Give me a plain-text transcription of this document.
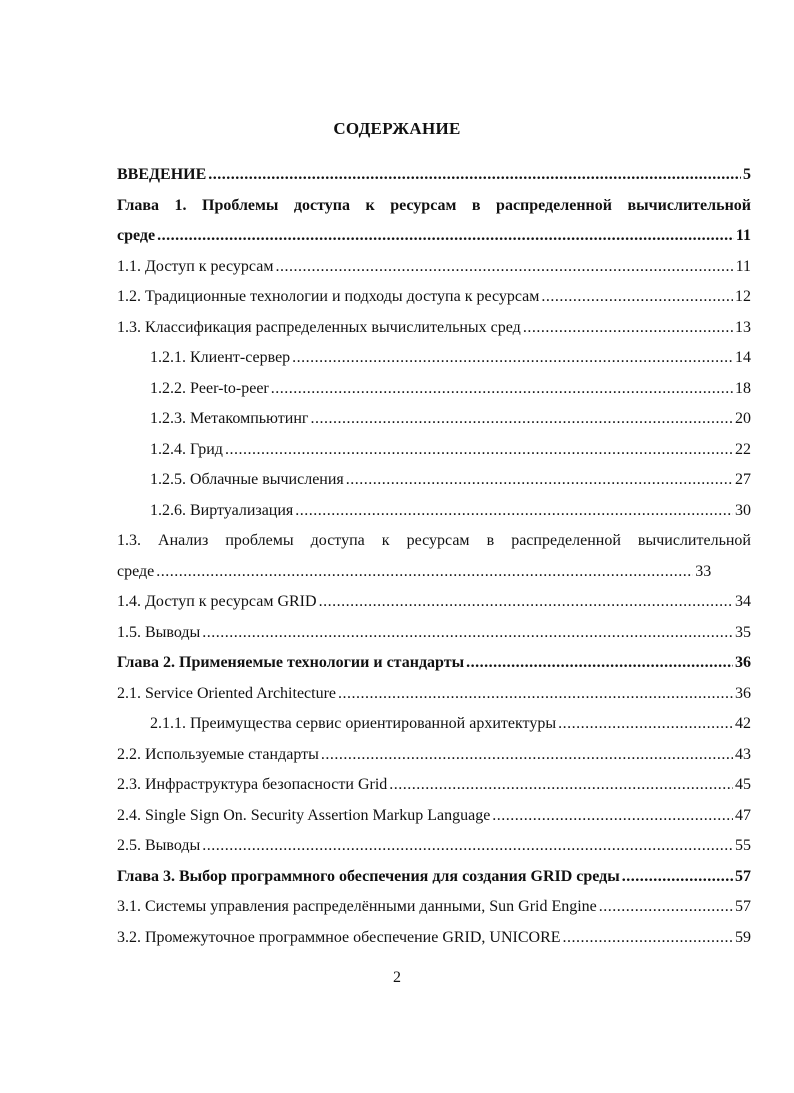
СОДЕРЖАНИЕ
ВВЕДЕНИЕ .....	5
Глава 1. Проблемы доступа к ресурсам в распределенной вычислительной
среде .....	11
1.1. Доступ к ресурсам .....	11
1.2. Традиционные технологии и подходы доступа к ресурсам .....	12
1.3. Классификация распределенных вычислительных сред .....	13
1.2.1. Клиент-сервер .....	14
1.2.2. Peer-to-peer .....	18
1.2.3. Метакомпьютинг .....	20
1.2.4. Грид .....	22
1.2.5. Облачные вычисления .....	27
1.2.6. Виртуализация .....	30
1.3. Анализ проблемы доступа к ресурсам в распределенной вычислительной
среде .....	33
1.4. Доступ к ресурсам GRID .....	34
1.5. Выводы .....	35
Глава 2. Применяемые технологии и стандарты .....	36
2.1. Service Oriented Architecture .....	36
2.1.1. Преимущества сервис ориентированной архитектуры .....	42
2.2. Используемые стандарты .....	43
2.3. Инфраструктура безопасности Grid .....	45
2.4. Single Sign On. Security Assertion Markup Language .....	47
2.5. Выводы .....	55
Глава 3. Выбор программного обеспечения для создания GRID среды .....	57
3.1. Системы управления распределёнными данными, Sun Grid Engine .....	57
3.2. Промежуточное программное обеспечение GRID, UNICORE .....	59
2
